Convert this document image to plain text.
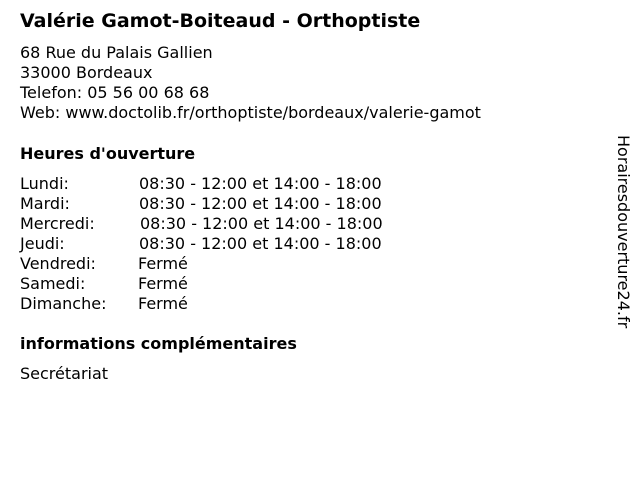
Valérie Gamot-Boiteaud - Orthoptiste
68 Rue du Palais Gallien
33000 Bordeaux
Telefon: 05 56 00 68 68
Web: www.doctolib.fr/orthoptiste/bordeaux/valerie-gamot
Heures d'ouverture
Lundi:	08:30 - 12:00 et 14:00 - 18:00
Mardi:	08:30 - 12:00 et 14:00 - 18:00
Mercredi:	08:30 - 12:00 et 14:00 - 18:00
Jeudi:	08:30 - 12:00 et 14:00 - 18:00
Vendredi:	Fermé
Samedi:	Fermé
Dimanche: Fermé
informations complémentaires
Secrétariat
Horairesdouverture24.fr
